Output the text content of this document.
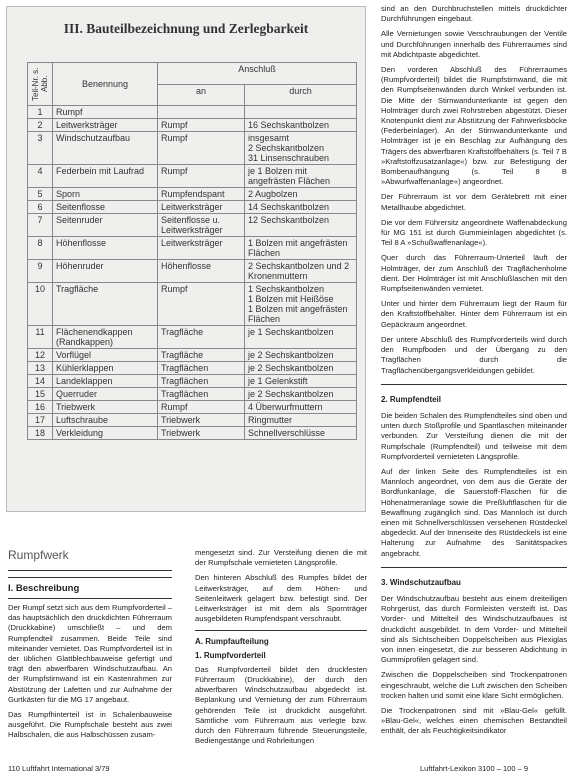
III. Bauteilbezeichnung und Zerlegbarkeit
Teil-Nr. s. Abb.	Benennung	Anschluß	
		an	durch
1	Rumpf		
2	Leitwerksträger	Rumpf	16 Sechskantbolzen
3	Windschutzaufbau	Rumpf	insgesamt
2 Sechskantbolzen
31 Linsenschrauben
4	Federbein mit Laufrad	Rumpf	je 1 Bolzen mit angefrästen Flächen
5	Sporn	Rumpfendspant	2 Augbolzen
6	Seitenflosse	Leitwerksträger	14 Sechskantbolzen
7	Seitenruder	Seitenflosse u. Leitwerksträger	12 Sechskantbolzen
8	Höhenflosse	Leitwerksträger	1 Bolzen mit angefrästen Flächen
9	Höhenruder	Höhenflosse	2 Sechskantbolzen und 2 Kronenmuttern
10	Tragfläche	Rumpf	1 Sechskantbolzen
1 Bolzen mit Heißöse
1 Bolzen mit angefrästen Flächen
11	Flächenendkappen (Randkappen)	Tragfläche	je 1 Sechskantbolzen
12	Vorflügel	Tragfläche	je 2 Sechskantbolzen
13	Kühlerklappen	Tragflächen	je 2 Sechskantbolzen
14	Landeklappen	Tragflächen	je 1 Gelenkstift
15	Querruder	Tragflächen	je 2 Sechskantbolzen
16	Triebwerk	Rumpf	4 Überwurfmuttern
17	Luftschraube	Triebwerk	Ringmutter
18	Verkleidung	Triebwerk	Schnellverschlüsse

sind an den Durchbruchstellen mittels druckdichter Durchführungen eingebaut.

Alle Vernietungen sowie Verschraubungen der Ventile und Durchführungen innerhalb des Führerraumes sind mit Abdichtpaste abgedichtet.

Den vorderen Abschluß des Führerraumes (Rumpfvorderteil) bildet die Rumpfstirnwand, die mit den Rumpfseitenwänden durch Winkel verbunden ist. Die Mitte der Stirnwandunterkante ist gegen den Holmträger durch zwei Rohrstreben abgestützt. Dieser Knotenpunkt dient zur Abstützung der Fahrwerksböcke (Federbeinlager). An der Stirnwandunterkante und Holmträger ist je ein Beschlag zur Aufhängung des Trägers des abwerfbaren Kraftstoffbehälters (s. Teil 7 B »Kraftstoffzusatzanlage«) bzw. zur Befestigung der Bombenaufhängung (s. Teil 8 B »Abwurfwaffenanlage«) angeordnet.

Der Führerraum ist vor dem Gerätebrett mit einer Metallhaube abgedichtet.

Die vor dem Führersitz angeordnete Waffenabdeckung für MG 151 ist durch Gummieinlagen abgedichtet (s. Teil 8 A »Schußwaffenanlage«).

Quer durch das Führerraum-Unterteil läuft der Holmträger, der zum Anschluß der Tragflächenholme dient. Der Holmträger ist mit Anschlußlaschen mit den Rumpfseitenwänden vernietet.

Unter und hinter dem Führerraum liegt der Raum für den Kraftstoffbehälter. Hinter dem Führerraum ist ein Gepäckraum angeordnet.

Der untere Abschluß des Rumpfvorderteils wird durch den Rumpfboden und der Übergang zu den Tragflächen durch die Tragflächenübergangsverkleidungen gebildet.

2. Rumpfendteil

Die beiden Schalen des Rumpfendteiles sind oben und unten durch Stoßprofile und Spantlaschen miteinander verbunden. Zur Versteifung dienen die mit der Rumpfschale (Rumpfendteil) und teilweise mit dem Rumpfvorderteil vernieteten Längsprofile.

Auf der linken Seite des Rumpfendteiles ist ein Mannloch angeordnet, von dem aus die Geräte der Bordfunkanlage, die Sauerstoff-Flaschen für die Höhenatmeranlage sowie die Preßluftflaschen für die Bewaffnung zugänglich sind. Das Mannloch ist durch einen mit Schnellverschlüssen versehenen Rüstdeckel abgedeckt. Auf der Innenseite des Rüstdeckels ist eine Halterung zur Aufnahme des Sanitätspackes angebracht.

3. Windschutzaufbau

Der Windschutzaufbau besteht aus einem dreiteiligen Rohrgerüst, das durch Formleisten versteift ist. Das Vorder- und Mittelteil des Windschutzaufbaues ist druckdicht ausgebildet. In dem Vorder- und Mittelteil sind als Sichtscheiben Doppelscheiben aus Plexiglas von innen eingesetzt, die zur besseren Abdichtung in Gummiprofilen gelagert sind.

Zwischen die Doppelscheiben sind Trockenpatronen eingeschraubt, welche die Luft zwischen den Scheiben trocken halten und somit eine klare Sicht ermöglichen.

Die Trockenpatronen sind mit »Blau-Gel« gefüllt. »Blau-Gel«, welches einen chemischen Bestandteil enthält, der als Feuchtigkeitsindikator

Rumpfwerk
I. Beschreibung

Der Rumpf setzt sich aus dem Rumpfvorderteil – das hauptsächlich den druckdichten Führerraum (Druckkabine) umschließt – und dem Rumpfendteil zusammen. Beide Teile sind miteinander vernietet. Das Rumpfvorderteil ist in der üblichen Glattblechbauweise gefertigt und trägt den abwerfbaren Windschutzaufbau. An der Rumpfstirnwand ist ein Kastenrahmen zur Abstützung der Lafetten und zur Aufnahme der Gurtkästen für die MG 17 angebaut.

Das Rumpfhinterteil ist in Schalenbauweise ausgeführt. Die Rumpfschale besteht aus zwei Halbschalen, die aus Halbschüssen zusam-

mengesetzt sind. Zur Versteifung dienen die mit der Rumpfschale vernieteten Längsprofile.

Den hinteren Abschluß des Rumpfes bildet der Leitwerksträger, auf dem Höhen- und Seitenleitwerk gelagert bzw. befestigt sind. Der Leitwerksträger ist mit dem als Spornträger ausgebildeten Rumpfendspant verschraubt.

A. Rumpfaufteilung
1. Rumpfvorderteil

Das Rumpfvorderteil bildet den druckfesten Führerraum (Druckkabine), der durch den abwerfbaren Windschutzaufbau abgedeckt ist. Beplankung und Vernietung der zum Führerraum gehörenden Teile ist druckdicht ausgeführt. Sämtliche vom Führerraum aus verlegte bzw. durch den Führerraum führende Steuerungsteile, Bediengestänge und Rohrleitungen

110 Luftfahrt International 3/79	Luftfahrt-Lexikon 3100 – 100 – 9
